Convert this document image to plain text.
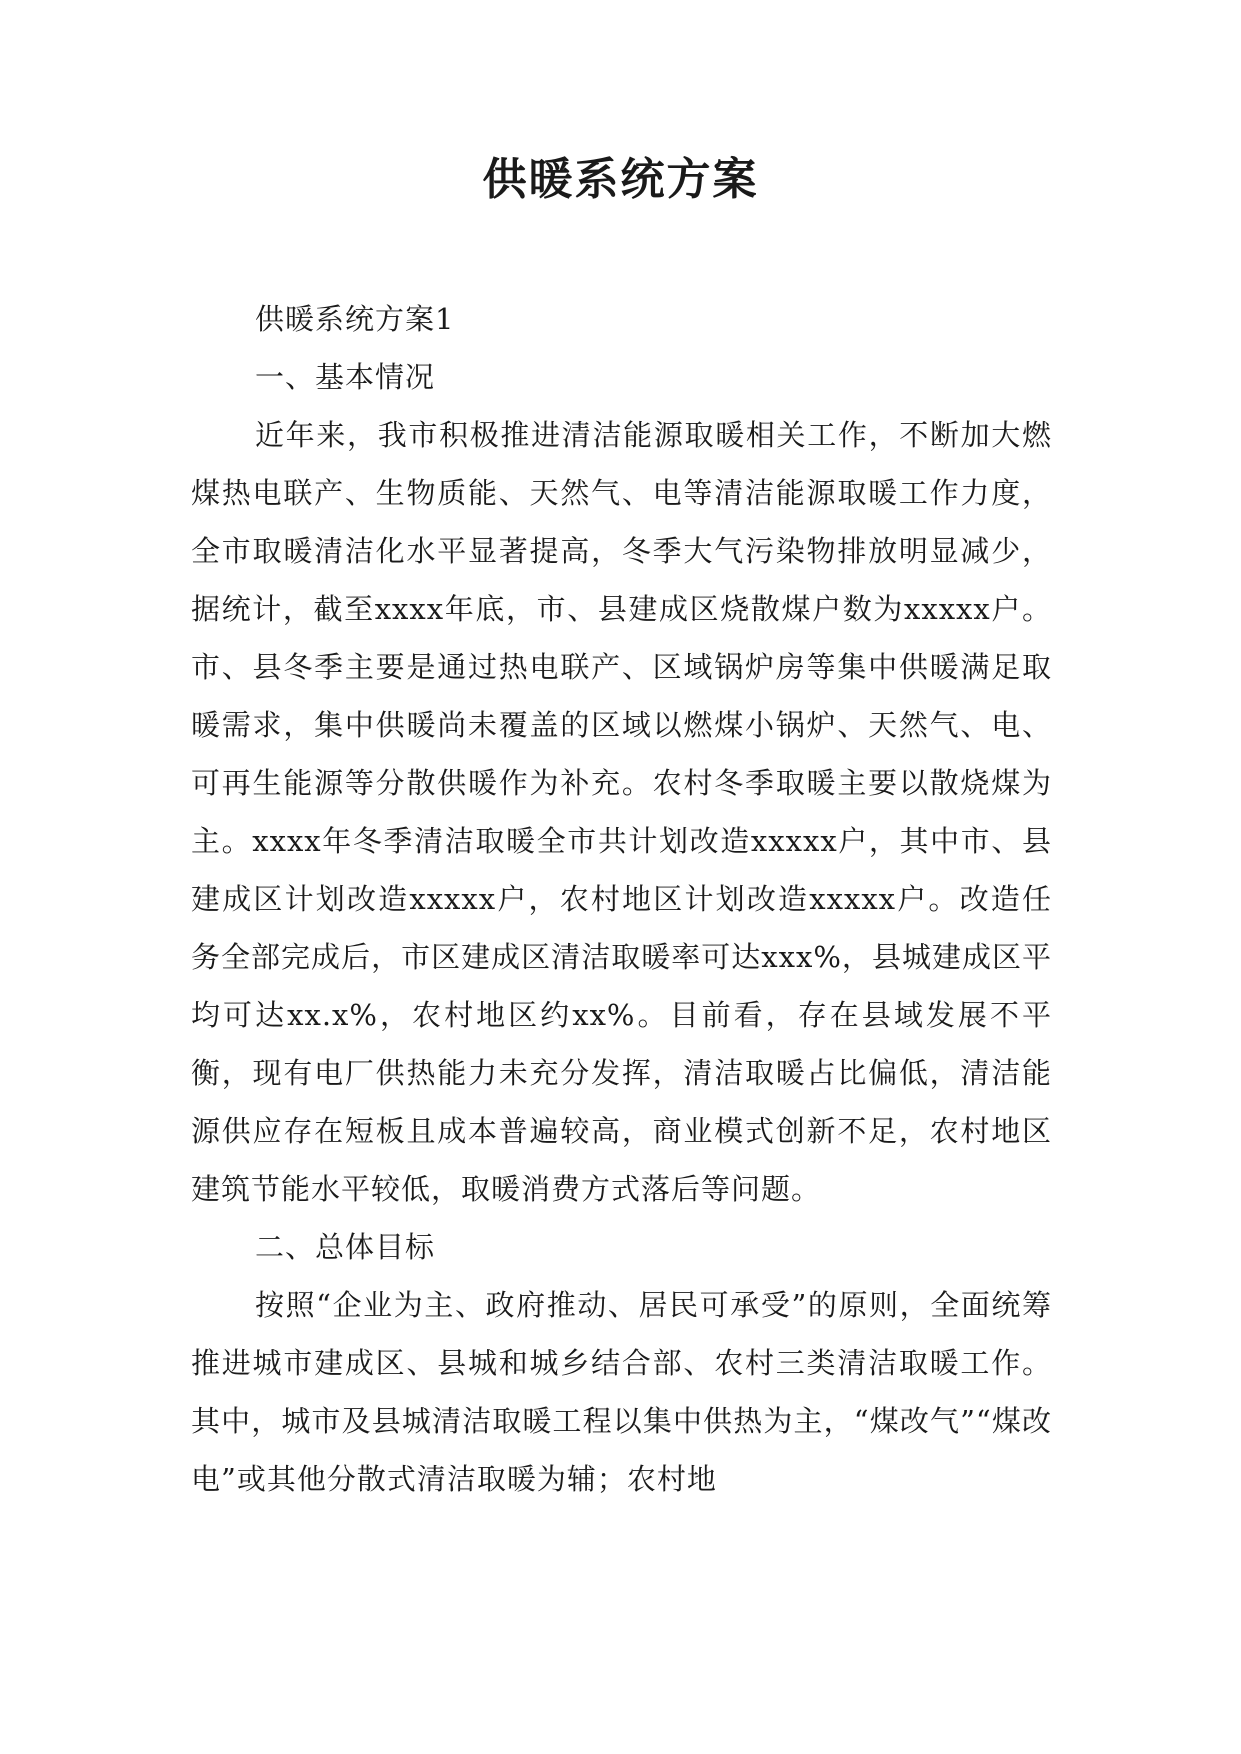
供暖系统方案

供暖系统方案1

一、基本情况

近年来，我市积极推进清洁能源取暖相关工作，不断加大燃煤热电联产、生物质能、天然气、电等清洁能源取暖工作力度，全市取暖清洁化水平显著提高，冬季大气污染物排放明显减少，据统计，截至xxxx年底，市、县建成区烧散煤户数为xxxxx户。市、县冬季主要是通过热电联产、区域锅炉房等集中供暖满足取暖需求，集中供暖尚未覆盖的区域以燃煤小锅炉、天然气、电、可再生能源等分散供暖作为补充。农村冬季取暖主要以散烧煤为主。xxxx年冬季清洁取暖全市共计划改造xxxxx户，其中市、县建成区计划改造xxxxx户，农村地区计划改造xxxxx户。改造任务全部完成后，市区建成区清洁取暖率可达xxx%，县城建成区平均可达xx.x%，农村地区约xx%。目前看，存在县域发展不平衡，现有电厂供热能力未充分发挥，清洁取暖占比偏低，清洁能源供应存在短板且成本普遍较高，商业模式创新不足，农村地区建筑节能水平较低，取暖消费方式落后等问题。

二、总体目标

按照“企业为主、政府推动、居民可承受”的原则，全面统筹推进城市建成区、县城和城乡结合部、农村三类清洁取暖工作。其中，城市及县城清洁取暖工程以集中供热为主，“煤改气”“煤改电”或其他分散式清洁取暖为辅；农村地
